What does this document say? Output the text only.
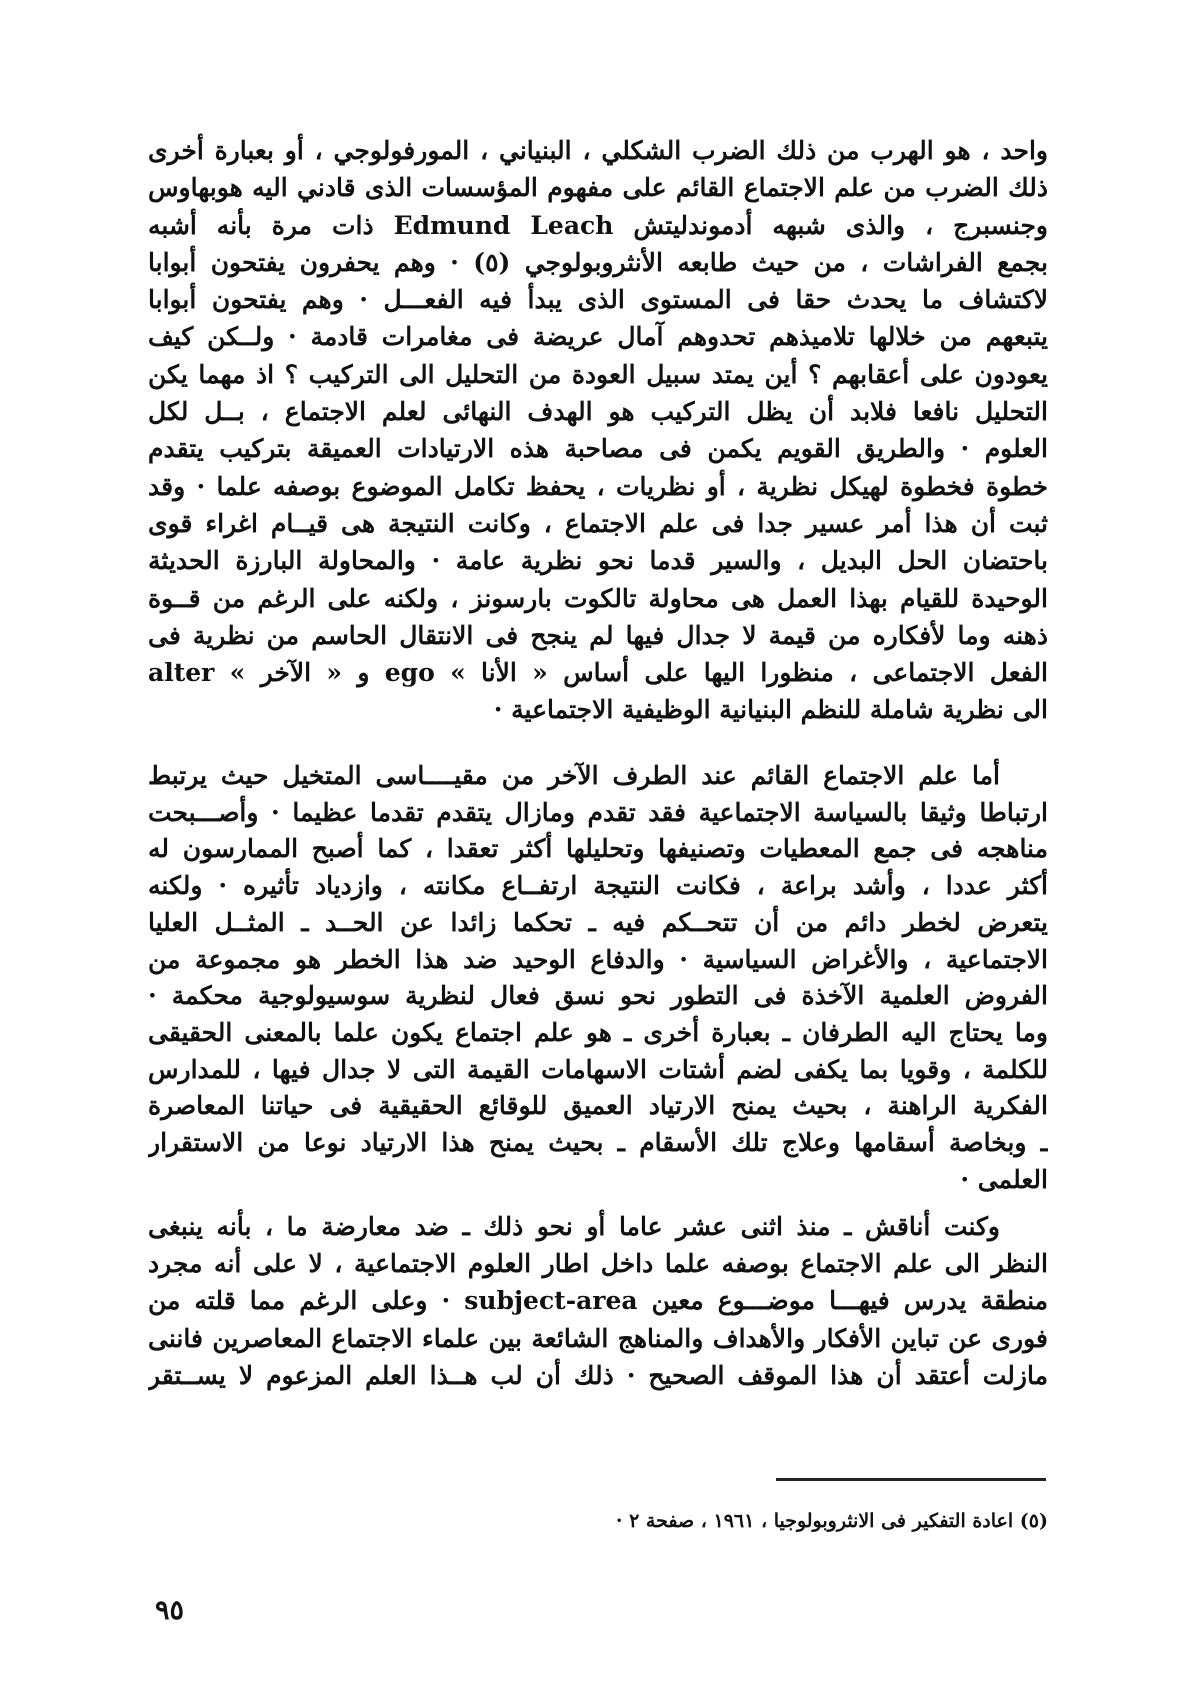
واحد ، هو الهرب من ذلك الضرب الشكلي ، البنياني ، المورفولوجي ، أو بعبارة أخرى
ذلك الضرب من علم الاجتماع القائم على مفهوم المؤسسات الذى قادني اليه هوبهاوس
وجنسبرج ، والذى شبهه أدموندليتش Edmund Leach ذات مرة بأنه أشبه
بجمع الفراشات ، من حيث طابعه الأنثروبولوجي (٥) · وهم يحفرون يفتحون أبوابا
لاكتشاف ما يحدث حقا فى المستوى الذى يبدأ فيه الفعـــل · وهم يفتحون أبوابا
يتبعهم من خلالها تلاميذهم تحدوهم آمال عريضة فى مغامرات قادمة · ولــكن كيف
يعودون على أعقابهم ؟ أين يمتد سبيل العودة من التحليل الى التركيب ؟ اذ مهما يكن
التحليل نافعا فلابد أن يظل التركيب هو الهدف النهائى لعلم الاجتماع ، بــل لكل
العلوم · والطريق القويم يكمن فى مصاحبة هذه الارتيادات العميقة بتركيب يتقدم
خطوة فخطوة لهيكل نظرية ، أو نظريات ، يحفظ تكامل الموضوع بوصفه علما · وقد
ثبت أن هذا أمر عسير جدا فى علم الاجتماع ، وكانت النتيجة هى قيــام اغراء قوى
باحتضان الحل البديل ، والسير قدما نحو نظرية عامة · والمحاولة البارزة الحديثة
الوحيدة للقيام بهذا العمل هى محاولة تالكوت بارسونز ، ولكنه على الرغم من قــوة
ذهنه وما لأفكاره من قيمة لا جدال فيها لم ينجح فى الانتقال الحاسم من نظرية فى
الفعل الاجتماعى ، منظورا اليها على أساس « الأنا » ego و « الآخر » alter
الى نظرية شاملة للنظم البنيانية الوظيفية الاجتماعية ·
أما علم الاجتماع القائم عند الطرف الآخر من مقيــــاسى المتخيل حيث يرتبط
ارتباطا وثيقا بالسياسة الاجتماعية فقد تقدم ومازال يتقدم تقدما عظيما · وأصـــبحت
مناهجه فى جمع المعطيات وتصنيفها وتحليلها أكثر تعقدا ، كما أصبح الممارسون له
أكثر عددا ، وأشد براعة ، فكانت النتيجة ارتفــاع مكانته ، وازدياد تأثيره · ولكنه
يتعرض لخطر دائم من أن تتحــكم فيه ـ تحكما زائدا عن الحــد ـ المثــل العليا
الاجتماعية ، والأغراض السياسية · والدفاع الوحيد ضد هذا الخطر هو مجموعة من
الفروض العلمية الآخذة فى التطور نحو نسق فعال لنظرية سوسيولوجية محكمة ·
وما يحتاج اليه الطرفان ـ بعبارة أخرى ـ هو علم اجتماع يكون علما بالمعنى الحقيقى
للكلمة ، وقويا بما يكفى لضم أشتات الاسهامات القيمة التى لا جدال فيها ، للمدارس
الفكرية الراهنة ، بحيث يمنح الارتياد العميق للوقائع الحقيقية فى حياتنا المعاصرة
ـ وبخاصة أسقامها وعلاج تلك الأسقام ـ بحيث يمنح هذا الارتياد نوعا من الاستقرار
العلمى ·
وكنت أناقش ـ منذ اثنى عشر عاما أو نحو ذلك ـ ضد معارضة ما ، بأنه ينبغى
النظر الى علم الاجتماع بوصفه علما داخل اطار العلوم الاجتماعية ، لا على أنه مجرد
منطقة يدرس فيهـــا موضـــوع معين subject-area · وعلى الرغم مما قلته من
فورى عن تباين الأفكار والأهداف والمناهج الشائعة بين علماء الاجتماع المعاصرين فاننى
مازلت أعتقد أن هذا الموقف الصحيح · ذلك أن لب هــذا العلم المزعوم لا يســتقر
(٥) اعادة التفكير فى الانثروبولوجيا ، ١٩٦١ ، صفحة ٢ ·
٩٥
